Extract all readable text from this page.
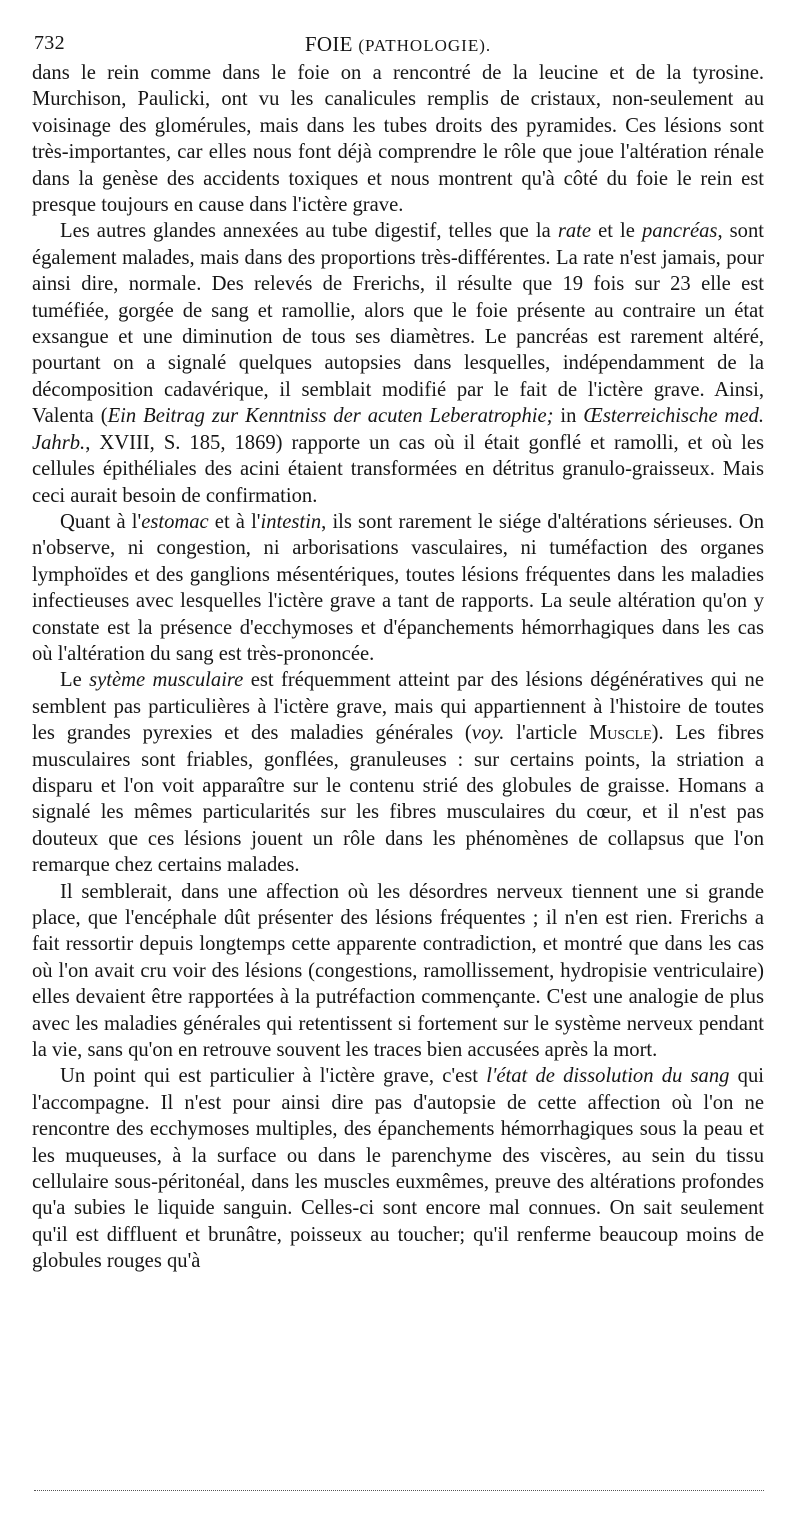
732	FOIE (PATHOLOGIE).

dans le rein comme dans le foie on a rencontré de la leucine et de la tyrosine. Murchison, Paulicki, ont vu les canalicules remplis de cristaux, non-seulement au voisinage des glomérules, mais dans les tubes droits des pyramides. Ces lésions sont très-importantes, car elles nous font déjà comprendre le rôle que joue l'altération rénale dans la genèse des accidents toxiques et nous montrent qu'à côté du foie le rein est presque toujours en cause dans l'ictère grave.

Les autres glandes annexées au tube digestif, telles que la rate et le pancréas, sont également malades, mais dans des proportions très-différentes. La rate n'est jamais, pour ainsi dire, normale. Des relevés de Frerichs, il résulte que 19 fois sur 23 elle est tuméfiée, gorgée de sang et ramollie, alors que le foie présente au contraire un état exsangue et une diminution de tous ses diamètres. Le pancréas est rarement altéré, pourtant on a signalé quelques autopsies dans lesquelles, indépendamment de la décomposition cadavérique, il semblait modifié par le fait de l'ictère grave. Ainsi, Valenta (Ein Beitrag zur Kenntniss der acuten Leberatrophie; in Œsterreichische med. Jahrb., XVIII, S. 185, 1869) rapporte un cas où il était gonflé et ramolli, et où les cellules épithéliales des acini étaient transformées en détritus granulo-graisseux. Mais ceci aurait besoin de confirmation.

Quant à l'estomac et à l'intestin, ils sont rarement le siége d'altérations sérieuses. On n'observe, ni congestion, ni arborisations vasculaires, ni tuméfaction des organes lymphoïdes et des ganglions mésentériques, toutes lésions fréquentes dans les maladies infectieuses avec lesquelles l'ictère grave a tant de rapports. La seule altération qu'on y constate est la présence d'ecchymoses et d'épanchements hémorrhagiques dans les cas où l'altération du sang est très-prononcée.

Le sytème musculaire est fréquemment atteint par des lésions dégénératives qui ne semblent pas particulières à l'ictère grave, mais qui appartiennent à l'histoire de toutes les grandes pyrexies et des maladies générales (voy. l'article Muscle). Les fibres musculaires sont friables, gonflées, granuleuses : sur certains points, la striation a disparu et l'on voit apparaître sur le contenu strié des globules de graisse. Homans a signalé les mêmes particularités sur les fibres musculaires du cœur, et il n'est pas douteux que ces lésions jouent un rôle dans les phénomènes de collapsus que l'on remarque chez certains malades.

Il semblerait, dans une affection où les désordres nerveux tiennent une si grande place, que l'encéphale dût présenter des lésions fréquentes ; il n'en est rien. Frerichs a fait ressortir depuis longtemps cette apparente contradiction, et montré que dans les cas où l'on avait cru voir des lésions (congestions, ramollissement, hydropisie ventriculaire) elles devaient être rapportées à la putréfaction commençante. C'est une analogie de plus avec les maladies générales qui retentissent si fortement sur le système nerveux pendant la vie, sans qu'on en retrouve souvent les traces bien accusées après la mort.

Un point qui est particulier à l'ictère grave, c'est l'état de dissolution du sang qui l'accompagne. Il n'est pour ainsi dire pas d'autopsie de cette affection où l'on ne rencontre des ecchymoses multiples, des épanchements hémorrhagiques sous la peau et les muqueuses, à la surface ou dans le parenchyme des viscères, au sein du tissu cellulaire sous-péritonéal, dans les muscles euxmêmes, preuve des altérations profondes qu'a subies le liquide sanguin. Celles-ci sont encore mal connues. On sait seulement qu'il est diffluent et brunâtre, poisseux au toucher; qu'il renferme beaucoup moins de globules rouges qu'à
